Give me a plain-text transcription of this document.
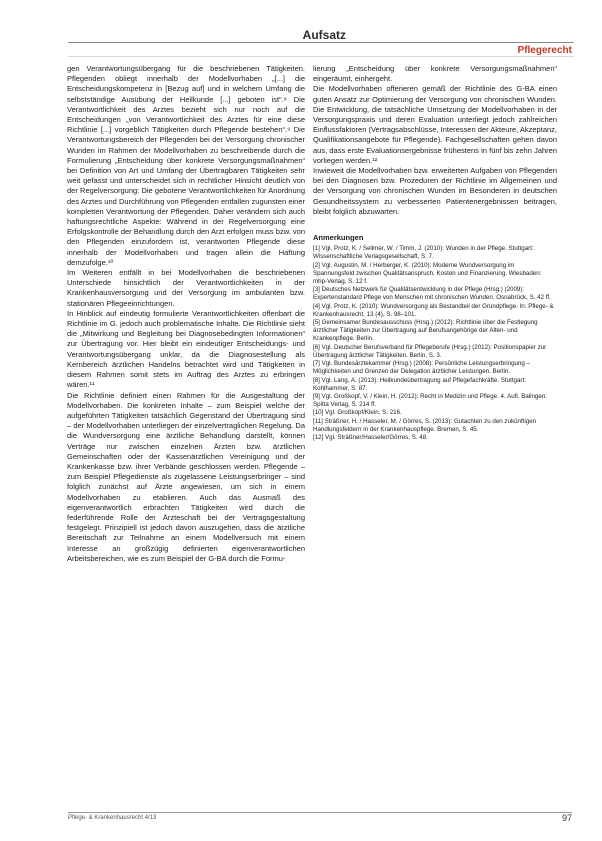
Aufsatz
Pflegerecht

gen Verantwortungsübergang für die beschriebenen Tätigkeiten. Pflegenden obliegt innerhalb der Modellvorhaben „[...] die Entscheidungskompetenz in [Bezug auf] und in welchem Umfang die selbstständige Ausübung der Heilkunde [...] geboten ist“.⁸ Die Verantwortlichkeit des Arztes bezieht sich nur noch auf die Entscheidungen „von Verantwortlichkeit des Arztes für eine diese Richtlinie [...] vorgeblich Tätigkeiten durch Pflegende bestehen“.⁹ Die Verantwortungsbereich der Pflegenden bei der Versorgung chronischer Wunden im Rahmen der Modellvorhaben zu beschreibende durch die Formulierung „Entscheidung über konkrete Versorgungsmaßnahmen“ bei Definition von Art und Umfang der Übertragbaren Tätigkeiten sehr weit gefasst und unterscheidet sich in rechtlicher Hinsicht deutlich von der Regelversorgung: Die gebotene Verantwortlichkeiten für Anordnung des Arztes und Durchführung von Pflegenden entfallen zugunsten einer kompletten Verantwortung der Pflegenden. Daher verändern sich auch haftungsrechtliche Aspekte: Während in der Regelversorgung eine Erfolgskontrolle der Behandlung durch den Arzt erfolgen muss bzw. von den Pflegenden einzufordern ist, verantworten Pflegende diese innerhalb der Modellvorhaben und tragen allein die Haftung demzufolge.¹⁰

Im Weiteren entfällt in bei Modellvorhaben die beschriebenen Unterschiede hinsichtlich der Verantwortlichkeiten in der Krankenhausversorgung und der Versorgung im ambulanten bzw. stationären Pflegeeinrichtungen.

In Hinblick auf eindeutig formulierte Verantwortlichkeiten offenbart die Richtlinie im G. jedoch auch problematische Inhalte. Die Richtlinie sieht die „Mitwirkung und Begleitung bei Diagnosebedingten Informationen“ zur Übertragung vor. Hier bleibt ein eindeutiger Entscheidungs- und Verantwortungsübergang unklar, da die Diagnosestellung als Kernbereich ärztlichen Handelns betrachtet wird und Tätigkeiten in diesem Rahmen somit stets im Auftrag des Arztes zu erbringen wären.¹¹

Die Richtlinie definiert einen Rahmen für die Ausgestaltung der Modellvorhaben. Die konkreten Inhalte – zum Beispiel welche der aufgeführten Tätigkeiten tatsächlich Gegenstand der Übertragung sind – der Modellvorhaben unterliegen der einzelvertraglichen Regelung. Da die Wundversorgung eine ärztliche Behandlung darstellt, können Verträge nur zwischen einzelnen Ärzten bzw. ärztlichen Gemeinschaften oder der Kassenärztlichen Vereinigung und der Krankenkasse bzw. ihrer Verbände geschlossen werden. Pflegende – zum Beispiel Pflegedienste als zugelassene Leistungserbringer – sind folglich zunächst auf Ärzte angewiesen, um sich in einem Modellvorhaben zu etablieren. Auch das Ausmaß des eigenverantwortlich erbrachten Tätigkeiten wird durch die federführende Rolle der Ärzteschaft bei der Vertragsgestaltung festgelegt. Prinzipiell ist jedoch davon auszugehen, dass die ärztliche Bereitschaft zur Teilnahme an einem Modellversuch mit einem Interesse an großzügig definierten eigenverantwortlichen Arbeitsbereichen, wie es zum Beispiel der G-BA durch die Formu-

lierung „Entscheidung über konkrete Versorgungsmaßnahmen“ eingeräumt, einhergeht.

Die Modellvorhaben offerieren gemäß der Richtlinie des G-BA einen guten Ansatz zur Optimierung der Versorgung von chronischen Wunden. Die Entwicklung, die tatsächliche Umsetzung der Modellvorhaben in der Versorgungspraxis und deren Evaluation unterliegt jedoch zahlreichen Einflussfaktoren (Vertragsabschlüsse, Interessen der Akteure, Akzeptanz, Qualifikationsangebote für Pflegende). Fachgesellschaften gehen davon aus, dass erste Evaluationsergebnisse frühestens in fünf bis zehn Jahren vorliegen werden.¹²

Inwieweit die Modellvorhaben bzw. erweiterten Aufgaben von Pflegenden bei den Diagnosen bzw. Prozeduren der Richtlinie im Allgemeinen und der Versorgung von chronischen Wunden im Besonderen in deutschen Gesundheitssystem zu verbesserten Patientenergebnissen beitragen, bleibt folglich abzuwarten.

Anmerkungen

[1] Vgl. Protz, K. / Sellmer, W. / Timm, J. (2010): Wunden in der Pflege. Stuttgart: Wissenschaftliche Verlagsgesellschaft, S. 7.

[2] Vgl. Augustin, M. / Herberger, K. (2010): Moderne Wundversorgung im Spannungsfeld zwischen Qualitätsanspruch, Kosten und Finanzierung. Wiesbaden: mhp-Verlag, S. 12 f.

[3] Deutsches Netzwerk für Qualitätsentwicklung in der Pflege (Hrsg.) (2009): Expertenstandard Pflege von Menschen mit chronischen Wunden. Osnabrück, S. 42 ff.

[4] Vgl. Protz, K. (2010): Wundversorgung als Bestandteil der Grundpflege. In: Pflege- & Krankenhausrecht, 13 (4), S. 98–101.

[5] Gemeinsamer Bundesausschuss (Hrsg.) (2012): Richtlinie über die Festlegung ärztlicher Tätigkeiten zur Übertragung auf Berufsangehörige der Alten- und Krankenpflege. Berlin.

[6] Vgl. Deutscher Berufsverband für Pflegeberufe (Hrsg.) (2012): Positionspapier zur Übertragung ärztlicher Tätigkeiten. Berlin, S. 3.

[7] Vgl. Bundesärztekammer (Hrsg.) (2008): Persönliche Leistungserbringung – Möglichkeiten und Grenzen der Delegation ärztlicher Leistungen. Berlin.

[8] Vgl. Lang, A. (2013): Heilkundeübertragung auf Pflegefachkräfte. Stuttgart: Kohlhammer, S. 87.

[9] Vgl. Großkopf, V. / Klein, H. (2012): Recht in Medizin und Pflege. 4. Aufl. Balingen: Spitta Verlag, S. 214 ff.

[10] Vgl. Großkopf/Klein, S. 216.

[11] Sträßner, H. / Hasseler, M. / Görres, S. (2013): Gutachten zu den zukünftigen Handlungsfeldern in der Krankenhauspflege. Bremen, S. 45.

[12] Vgl. Sträßner/Hasseler/Görres, S. 48.

Pflege- & Krankenhausrecht 4/13	97
